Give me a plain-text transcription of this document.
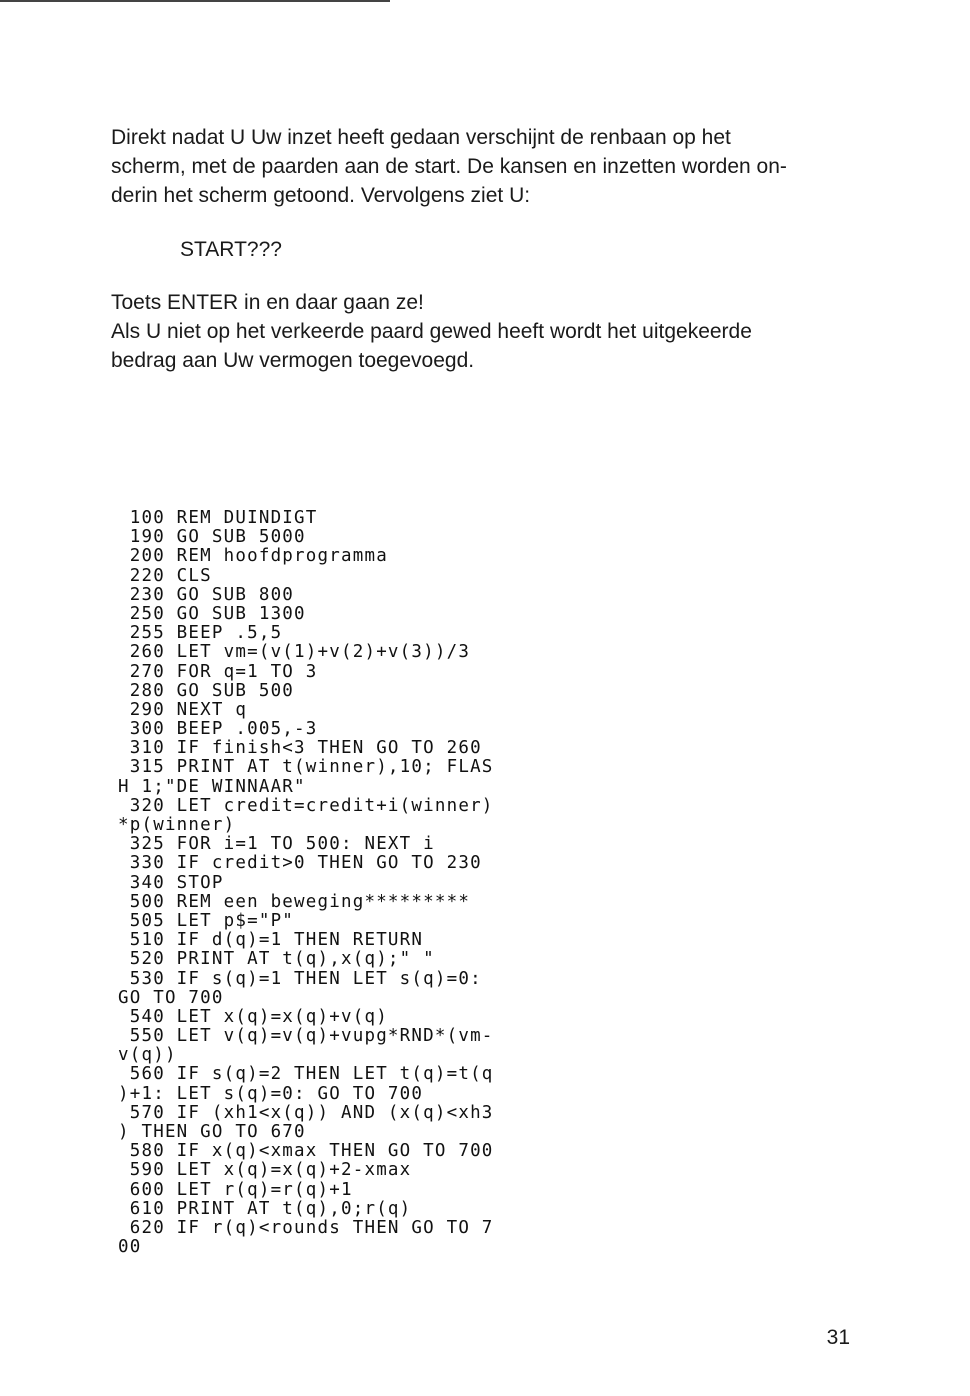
Direkt nadat U Uw inzet heeft gedaan verschijnt de renbaan op het
scherm, met de paarden aan de start. De kansen en inzetten worden on-
derin het scherm getoond. Vervolgens ziet U:
START???
Toets ENTER in en daar gaan ze!
Als U niet op het verkeerde paard gewed heeft wordt het uitgekeerde
bedrag aan Uw vermogen toegevoegd.
100 REM DUINDIGT
190 GO SUB 5000
200 REM hoofdprogramma
220 CLS
230 GO SUB 800
250 GO SUB 1300
255 BEEP .5,5
260 LET vm=(v(1)+v(2)+v(3))/3
270 FOR q=1 TO 3
280 GO SUB 500
290 NEXT q
300 BEEP .005,-3
310 IF finish<3 THEN GO TO 260
315 PRINT AT t(winner),10; FLAS
H 1;"DE WINNAAR"
320 LET credit=credit+i(winner)
*p(winner)
325 FOR i=1 TO 500: NEXT i
330 IF credit>0 THEN GO TO 230
340 STOP
500 REM een beweging*********
505 LET p$="P"
510 IF d(q)=1 THEN RETURN
520 PRINT AT t(q),x(q);" "
530 IF s(q)=1 THEN LET s(q)=0:
GO TO 700
540 LET x(q)=x(q)+v(q)
550 LET v(q)=v(q)+vupg*RND*(vm-
v(q))
560 IF s(q)=2 THEN LET t(q)=t(q
)+1: LET s(q)=0: GO TO 700
570 IF (xh1<x(q)) AND (x(q)<xh3
) THEN GO TO 670
580 IF x(q)<xmax THEN GO TO 700
590 LET x(q)=x(q)+2-xmax
600 LET r(q)=r(q)+1
610 PRINT AT t(q),0;r(q)
620 IF r(q)<rounds THEN GO TO 7
00
31
